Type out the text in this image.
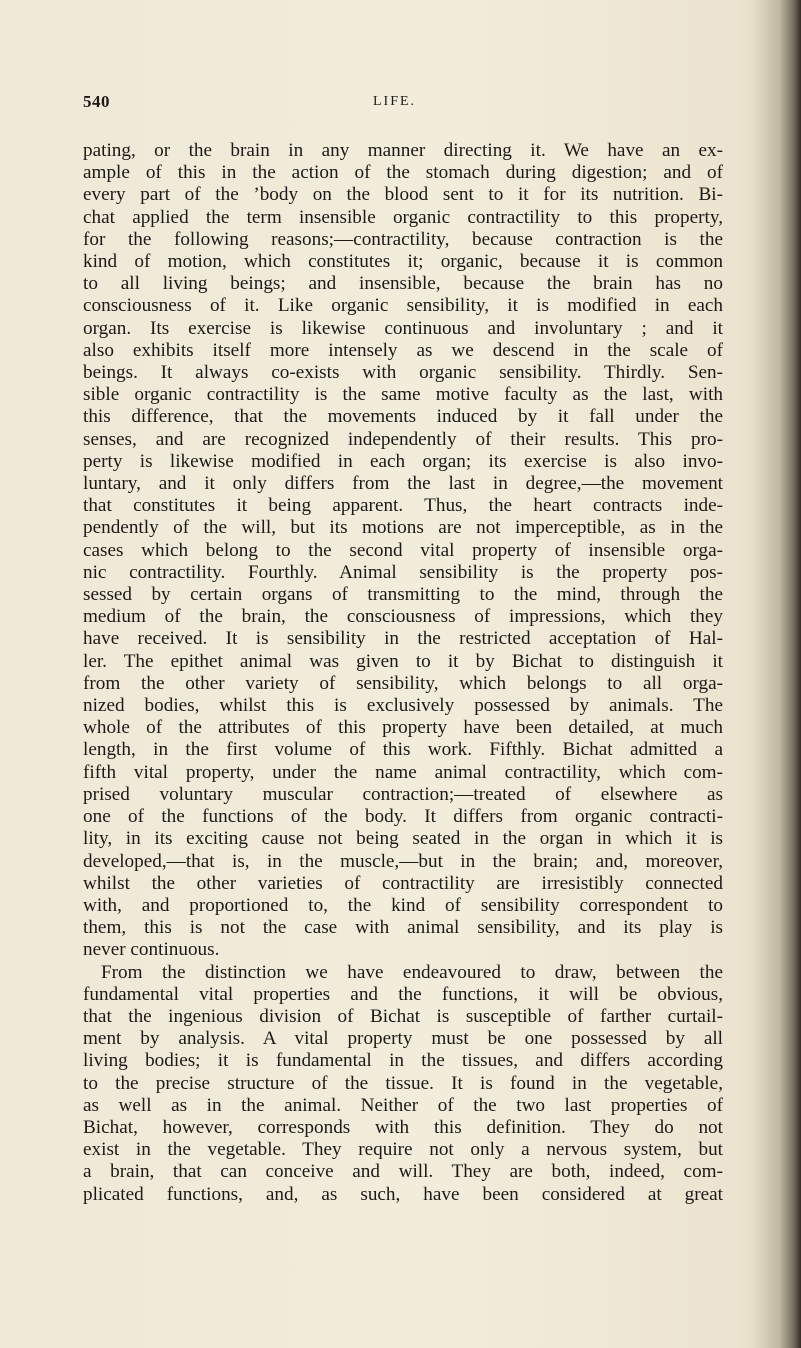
540	LIFE.
pating, or the brain in any manner directing it. We have an ex-
ample of this in the action of the stomach during digestion; and of
every part of the ’body on the blood sent to it for its nutrition. Bi-
chat applied the term insensible organic contractility to this property,
for the following reasons;—contractility, because contraction is the
kind of motion, which constitutes it; organic, because it is common
to all living beings; and insensible, because the brain has no
consciousness of it. Like organic sensibility, it is modified in each
organ. Its exercise is likewise continuous and involuntary ; and it
also exhibits itself more intensely as we descend in the scale of
beings. It always co-exists with organic sensibility. Thirdly. Sen-
sible organic contractility is the same motive faculty as the last, with
this difference, that the movements induced by it fall under the
senses, and are recognized independently of their results. This pro-
perty is likewise modified in each organ; its exercise is also invo-
luntary, and it only differs from the last in degree,—the movement
that constitutes it being apparent. Thus, the heart contracts inde-
pendently of the will, but its motions are not imperceptible, as in the
cases which belong to the second vital property of insensible orga-
nic contractility. Fourthly. Animal sensibility is the property pos-
sessed by certain organs of transmitting to the mind, through the
medium of the brain, the consciousness of impressions, which they
have received. It is sensibility in the restricted acceptation of Hal-
ler. The epithet animal was given to it by Bichat to distinguish it
from the other variety of sensibility, which belongs to all orga-
nized bodies, whilst this is exclusively possessed by animals. The
whole of the attributes of this property have been detailed, at much
length, in the first volume of this work. Fifthly. Bichat admitted a
fifth vital property, under the name animal contractility, which com-
prised voluntary muscular contraction;—treated of elsewhere as
one of the functions of the body. It differs from organic contracti-
lity, in its exciting cause not being seated in the organ in which it is
developed,—that is, in the muscle,—but in the brain; and, moreover,
whilst the other varieties of contractility are irresistibly connected
with, and proportioned to, the kind of sensibility correspondent to
them, this is not the case with animal sensibility, and its play is
never continuous.
From the distinction we have endeavoured to draw, between the
fundamental vital properties and the functions, it will be obvious,
that the ingenious division of Bichat is susceptible of farther curtail-
ment by analysis. A vital property must be one possessed by all
living bodies; it is fundamental in the tissues, and differs according
to the precise structure of the tissue. It is found in the vegetable,
as well as in the animal. Neither of the two last properties of
Bichat, however, corresponds with this definition. They do not
exist in the vegetable. They require not only a nervous system, but
a brain, that can conceive and will. They are both, indeed, com-
plicated functions, and, as such, have been considered at great
